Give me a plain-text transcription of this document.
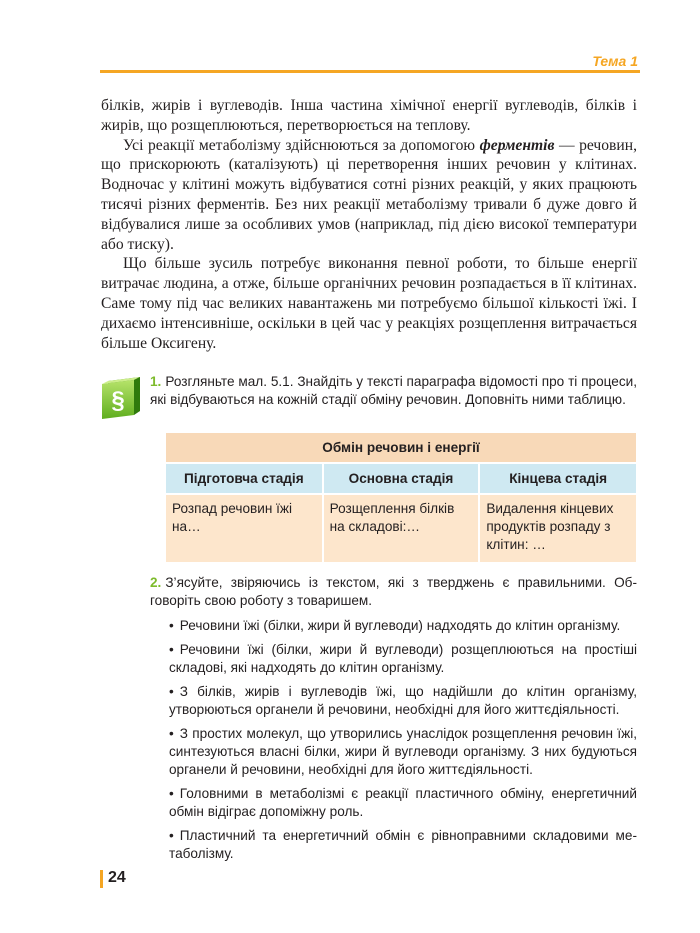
Тема 1

білків, жирів і вуглеводів. Інша частина хімічної енергії вуглеводів, білків і жирів, що розщеплюються, перетворюється на теплову.

Усі реакції метаболізму здійснюються за допомогою ферментів — речовин, що прискорюють (каталізують) ці перетворення інших речовин у клітинах. Водночас у клітині можуть відбуватися сотні різних реакцій, у яких працюють тисячі різних ферментів. Без них реакції метаболізму тривали б дуже довго й відбувалися лише за особливих умов (наприклад, під дією високої температури або тиску).

Що більше зусиль потребує виконання певної роботи, то більше енергії витрачає людина, а отже, більше органічних речовин розпадається в її клітинах. Саме тому під час великих навантажень ми потребуємо більшої кількості їжі. І дихаємо інтенсивніше, оскільки в цей час у реакціях розщеплення витрачається більше Оксигену.

§

1. Розгляньте мал. 5.1. Знайдіть у тексті параграфа відомості про ті процеси, які відбуваються на кожній стадії обміну речовин. Доповніть ними таблицю.

Обмін речовин і енергії		
Підготовча стадія	Основна стадія	Кінцева стадія
Розпад речовин їжі на…	Розщеплення білків на складові:…	Видалення кінцевих продуктів розпаду з клітин: …

2. З’ясуйте, звіряючись із текстом, які з тверджень є правильними. Обговоріть свою роботу з товаришем.

• Речовини їжі (білки, жири й вуглеводи) надходять до клітин організму.
• Речовини їжі (білки, жири й вуглеводи) розщеплюються на простіші складові, які надходять до клітин організму.
• З білків, жирів і вуглеводів їжі, що надійшли до клітин організму, утворюються органели й речовини, необхідні для його життєдіяльності.
• З простих молекул, що утворились унаслідок розщеплення речовин їжі, синтезуються власні білки, жири й вуглеводи організму. З них будуються органели й речовини, необхідні для його життєдіяльності.
• Головними в метаболізмі є реакції пластичного обміну, енергетичний обмін відіграє допоміжну роль.
• Пластичний та енергетичний обмін є рівноправними складовими метаболізму.
24
